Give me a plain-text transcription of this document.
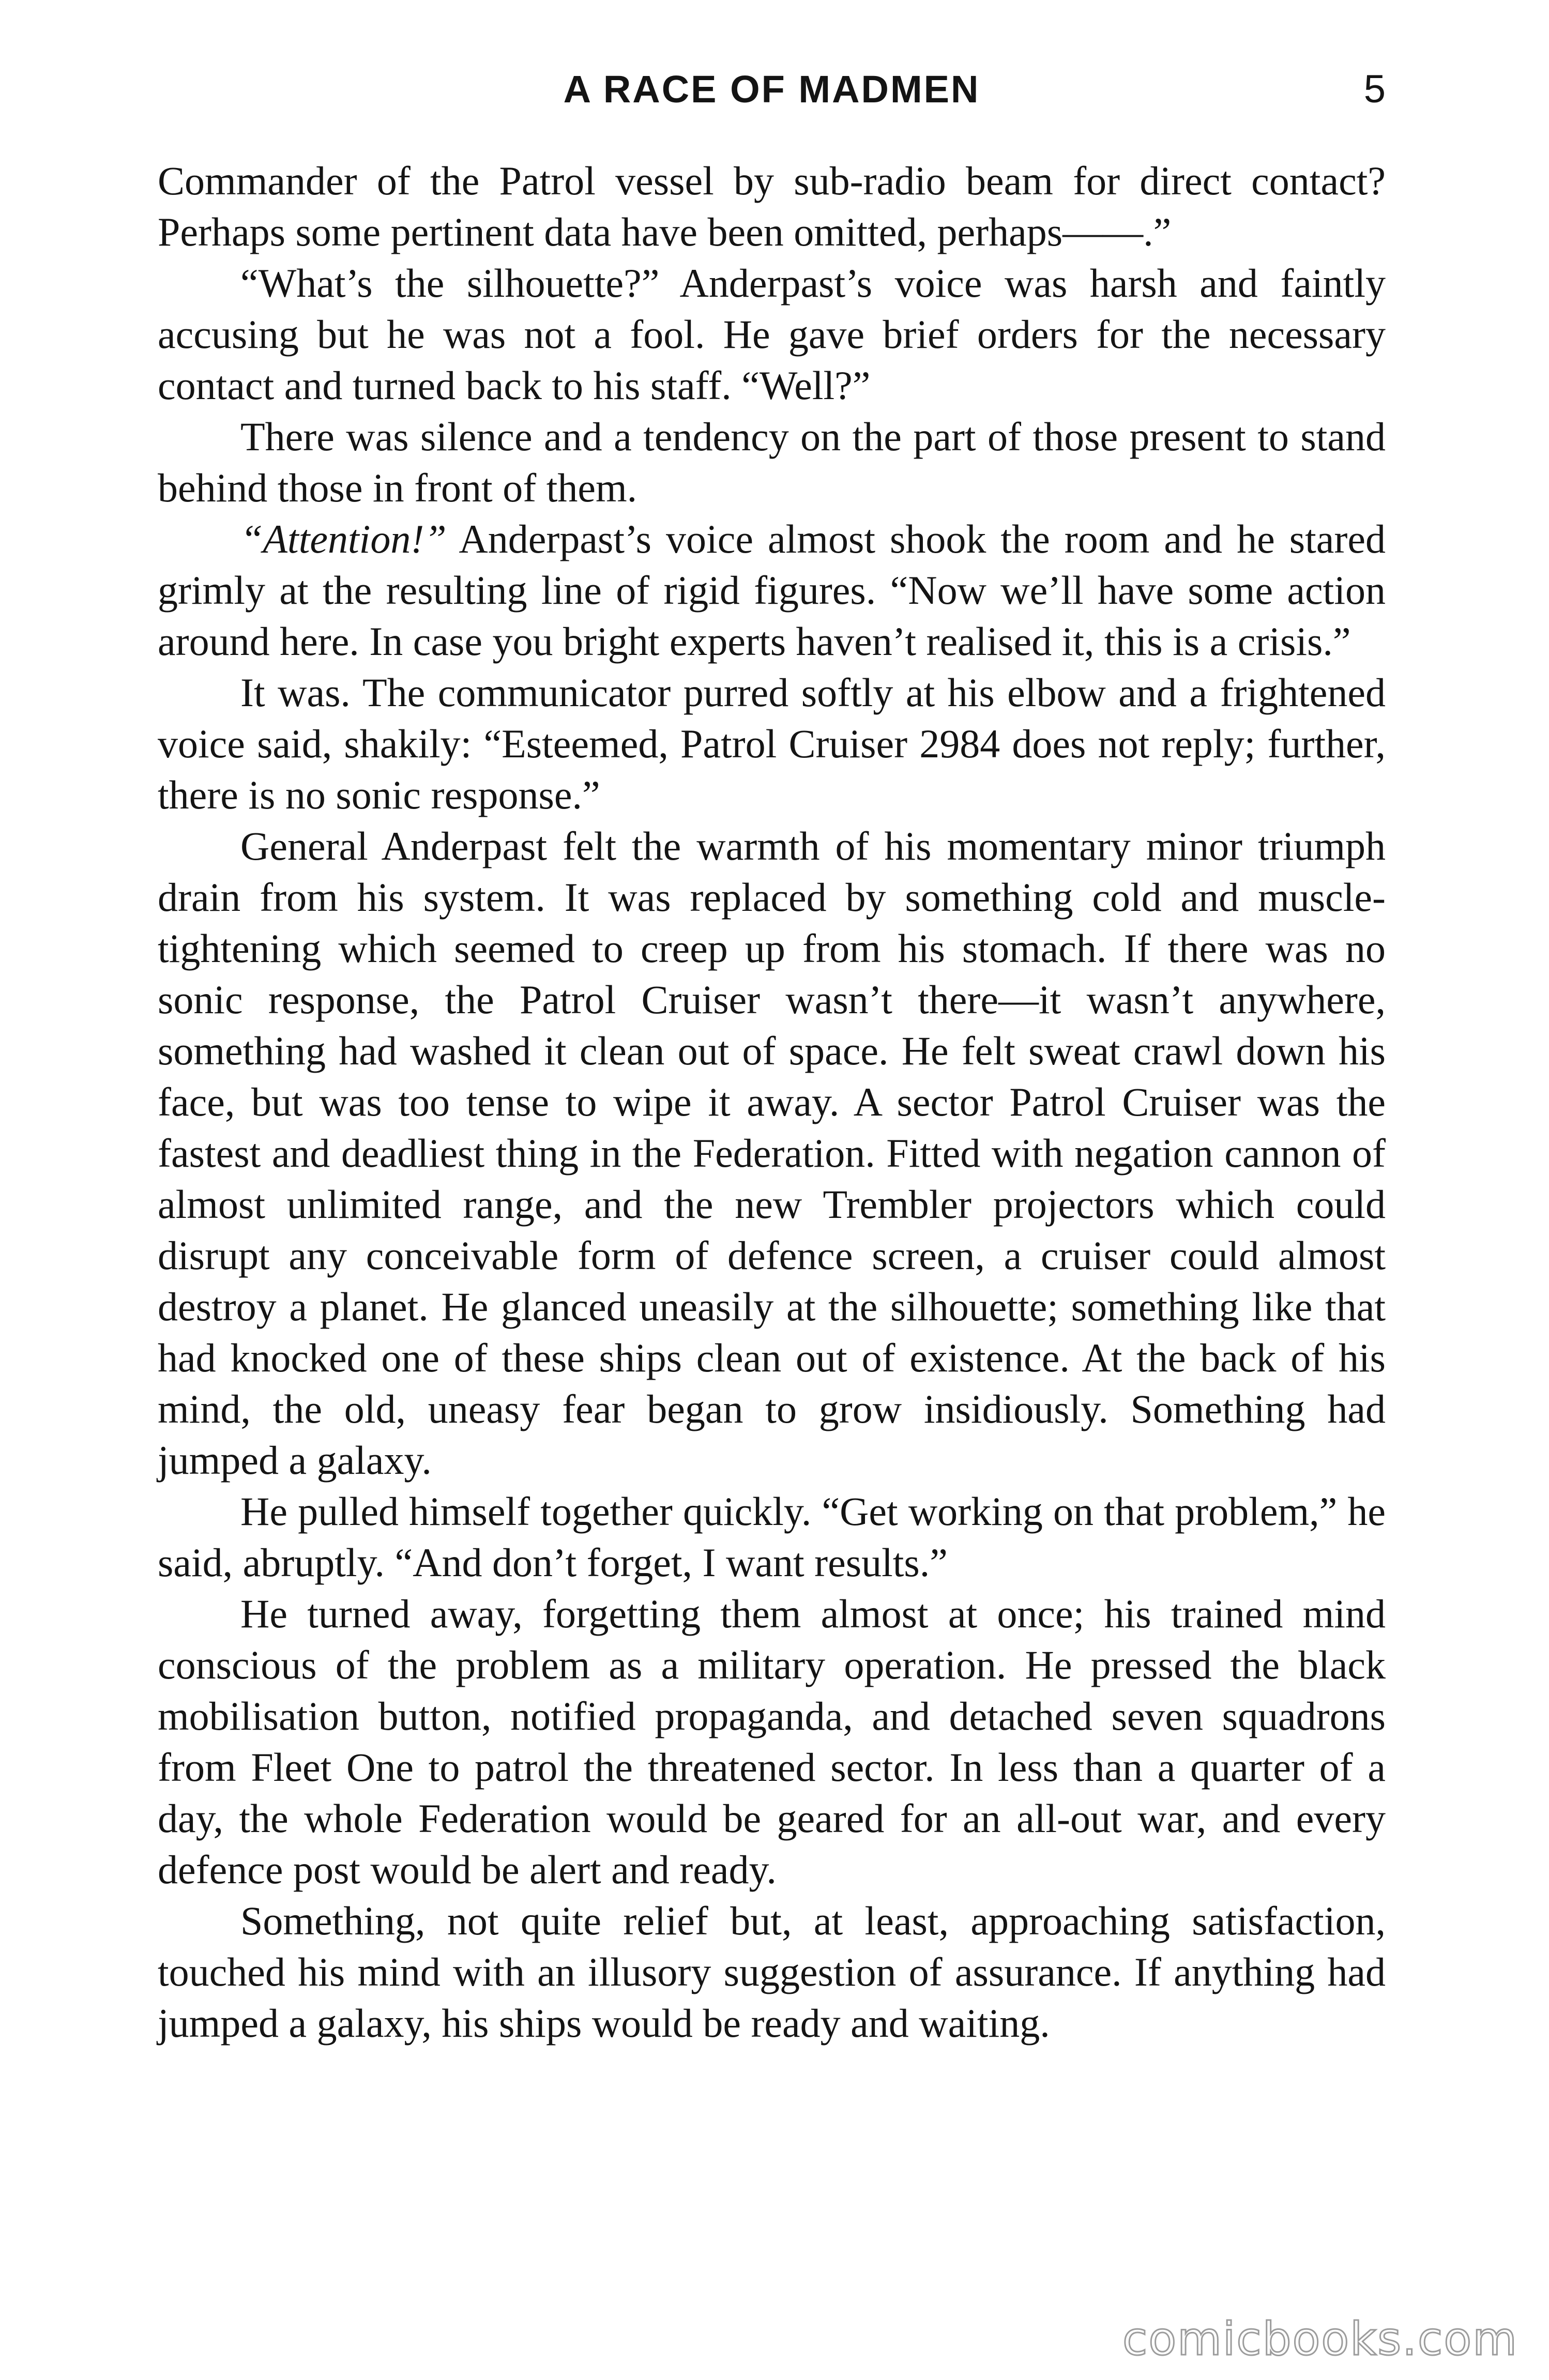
A RACE OF MADMEN	5

Commander of the Patrol vessel by sub-radio beam for direct contact? Perhaps some pertinent data have been omitted, perhaps——.”

“What’s the silhouette?” Anderpast’s voice was harsh and faintly accusing but he was not a fool. He gave brief orders for the necessary contact and turned back to his staff. “Well?”

There was silence and a tendency on the part of those present to stand behind those in front of them.

“Attention!” Anderpast’s voice almost shook the room and he stared grimly at the resulting line of rigid figures. “Now we’ll have some action around here. In case you bright experts haven’t realised it, this is a crisis.”

It was. The communicator purred softly at his elbow and a frightened voice said, shakily: “Esteemed, Patrol Cruiser 2984 does not reply; further, there is no sonic response.”

General Anderpast felt the warmth of his momentary minor triumph drain from his system. It was replaced by something cold and muscle-tightening which seemed to creep up from his stomach. If there was no sonic response, the Patrol Cruiser wasn’t there—it wasn’t anywhere, something had washed it clean out of space. He felt sweat crawl down his face, but was too tense to wipe it away. A sector Patrol Cruiser was the fastest and deadliest thing in the Federation. Fitted with negation cannon of almost unlimited range, and the new Trembler projectors which could disrupt any conceivable form of defence screen, a cruiser could almost destroy a planet. He glanced uneasily at the silhouette; something like that had knocked one of these ships clean out of existence. At the back of his mind, the old, uneasy fear began to grow insidiously. Something had jumped a galaxy.

He pulled himself together quickly. “Get working on that problem,” he said, abruptly. “And don’t forget, I want results.”

He turned away, forgetting them almost at once; his trained mind conscious of the problem as a military operation. He pressed the black mobilisation button, notified propaganda, and detached seven squadrons from Fleet One to patrol the threatened sector. In less than a quarter of a day, the whole Federation would be geared for an all-out war, and every defence post would be alert and ready.

Something, not quite relief but, at least, approaching satisfaction, touched his mind with an illusory suggestion of assurance. If anything had jumped a galaxy, his ships would be ready and waiting.

comicbooks.com
